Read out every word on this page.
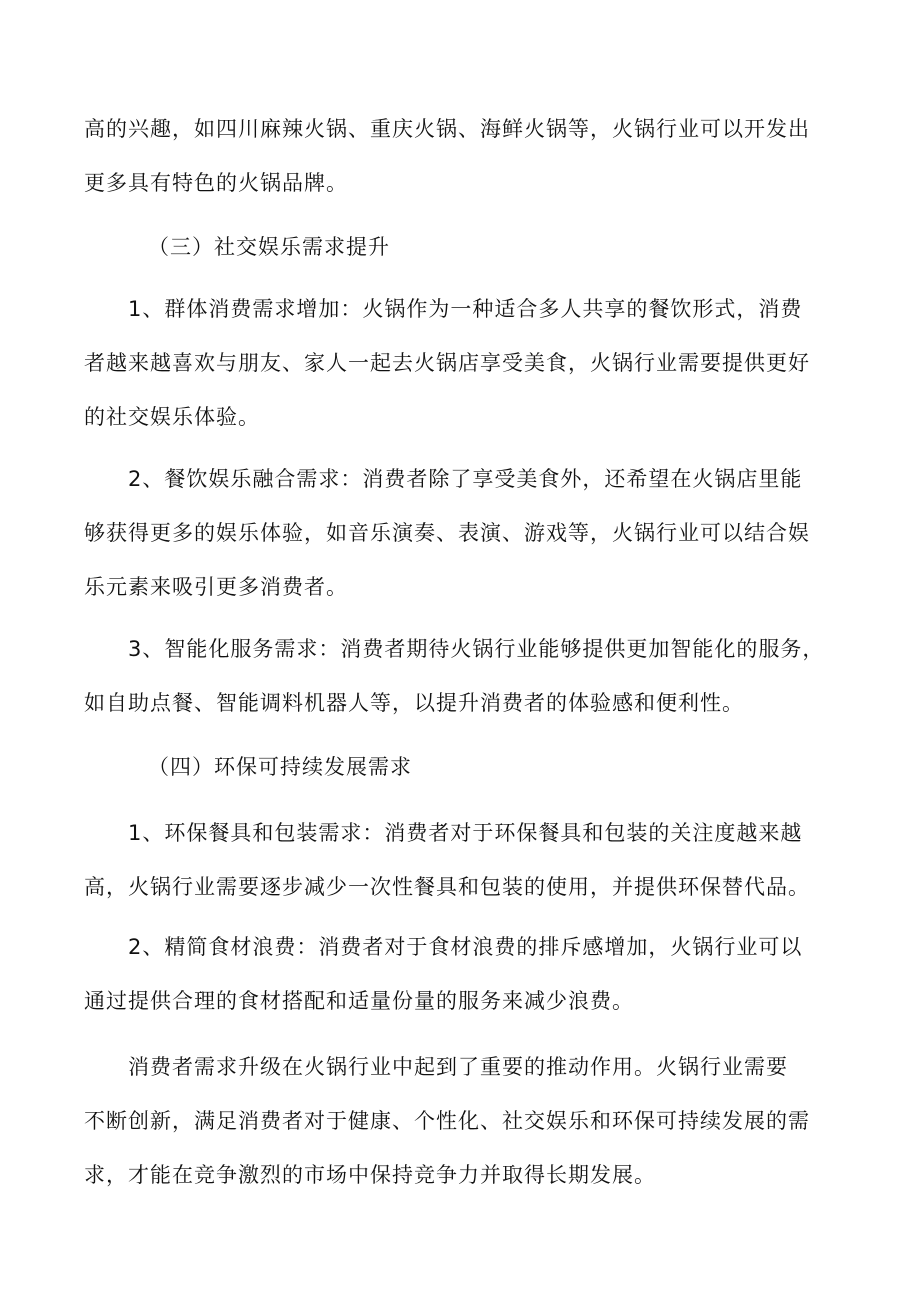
高的兴趣，如四川麻辣火锅、重庆火锅、海鲜火锅等，火锅行业可以开发出
更多具有特色的火锅品牌。
（三）社交娱乐需求提升
1、群体消费需求增加：火锅作为一种适合多人共享的餐饮形式，消费
者越来越喜欢与朋友、家人一起去火锅店享受美食，火锅行业需要提供更好
的社交娱乐体验。
2、餐饮娱乐融合需求：消费者除了享受美食外，还希望在火锅店里能
够获得更多的娱乐体验，如音乐演奏、表演、游戏等，火锅行业可以结合娱
乐元素来吸引更多消费者。
3、智能化服务需求：消费者期待火锅行业能够提供更加智能化的服务，
如自助点餐、智能调料机器人等，以提升消费者的体验感和便利性。
（四）环保可持续发展需求
1、环保餐具和包装需求：消费者对于环保餐具和包装的关注度越来越
高，火锅行业需要逐步减少一次性餐具和包装的使用，并提供环保替代品。
2、精简食材浪费：消费者对于食材浪费的排斥感增加，火锅行业可以
通过提供合理的食材搭配和适量份量的服务来减少浪费。
消费者需求升级在火锅行业中起到了重要的推动作用。火锅行业需要
不断创新，满足消费者对于健康、个性化、社交娱乐和环保可持续发展的需
求，才能在竞争激烈的市场中保持竞争力并取得长期发展。
